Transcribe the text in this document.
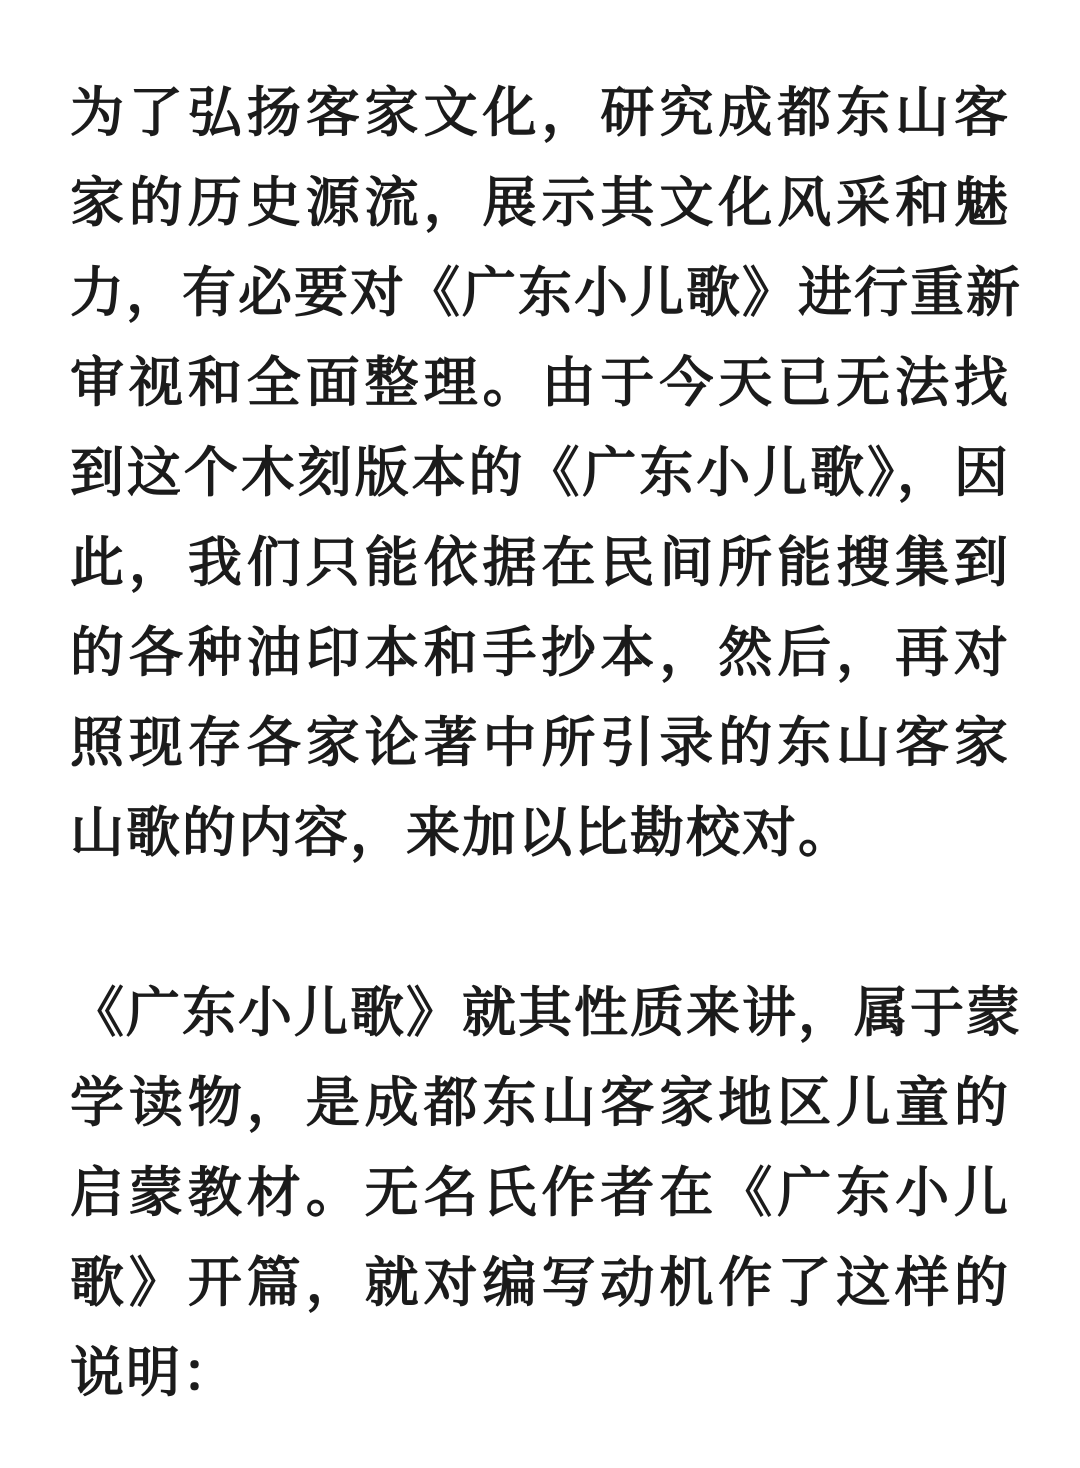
为了弘扬客家文化，研究成都东山客
家的历史源流，展示其文化风采和魅
力，有必要对《广东小儿歌》进行重新
审视和全面整理。由于今天已无法找
到这个木刻版本的《广东小儿歌》，因
此，我们只能依据在民间所能搜集到
的各种油印本和手抄本，然后，再对
照现存各家论著中所引录的东山客家
山歌的内容，来加以比勘校对。
《广东小儿歌》就其性质来讲，属于蒙
学读物，是成都东山客家地区儿童的
启蒙教材。无名氏作者在《广东小儿
歌》开篇，就对编写动机作了这样的
说明：
